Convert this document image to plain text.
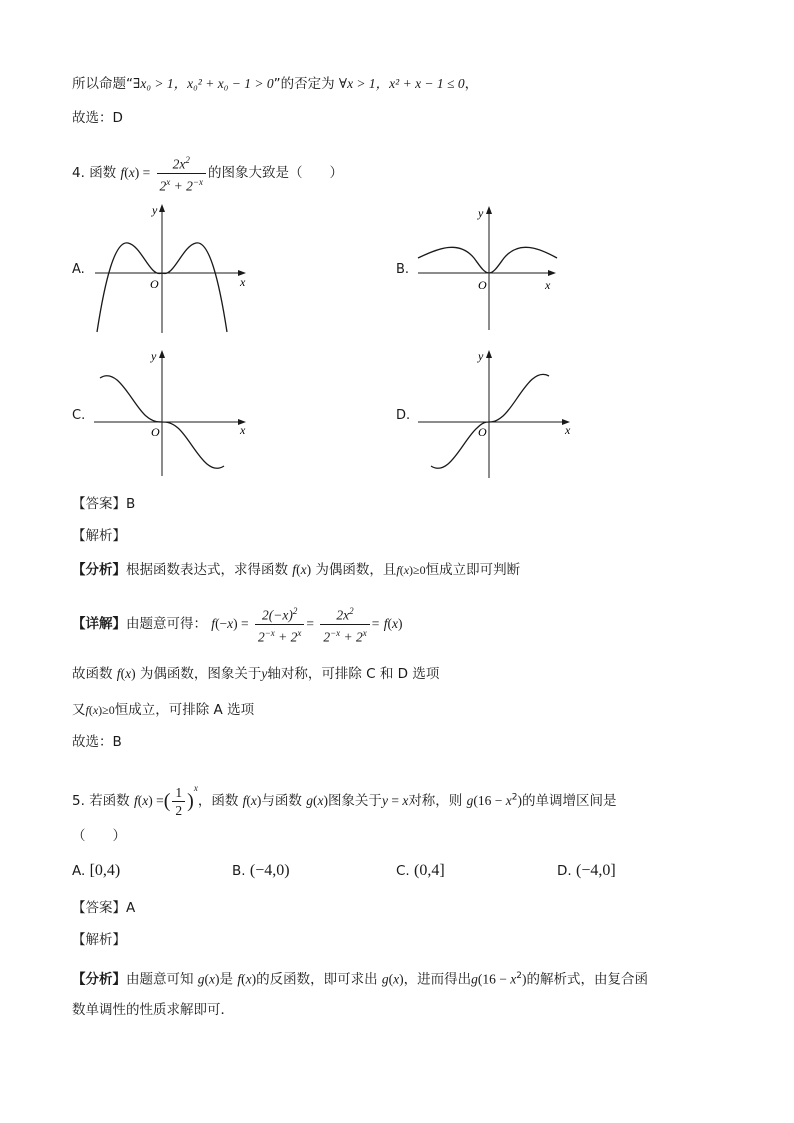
所以命题“∃x₀ > 1，x₀² + x₀ − 1 > 0”的否定为 ∀x > 1，x² + x − 1 ≤ 0，
故选：D
4. 函数 $f(x) = \frac{2x^2}{2^x + 2^{-x}}$ 的图象大致是（　　）
A.
y
x
O
B.
y
x
O
C.
y
x
O
D.
y
x
O
【答案】B
【解析】
【分析】根据函数表达式，求得函数 f(x) 为偶函数，且f(x)≥0恒成立即可判断
【详解】由题意可得： $f(-x) = \frac{2(-x)^2}{2^{-x} + 2^x} = \frac{2x^2}{2^{-x} + 2^x} = f(x)$
故函数 f(x) 为偶函数，图象关于y轴对称，可排除 C 和 D 选项
又f(x)≥0恒成立，可排除 A 选项
故选：B
5. 若函数 f(x) =( $\frac{1}{2} )^x$，函数 f(x)与函数 g(x)图象关于y = x对称，则 $g(16 - x^2)$的单调增区间是
（　　）
A. [0,4)	B. (−4,0)	C. (0,4]	D. (−4,0]
【答案】A
【解析】
【分析】由题意可知 g(x)是 f(x)的反函数，即可求出 g(x)，进而得出$g(16 - x^2)$的解析式，由复合函
数单调性的性质求解即可．
